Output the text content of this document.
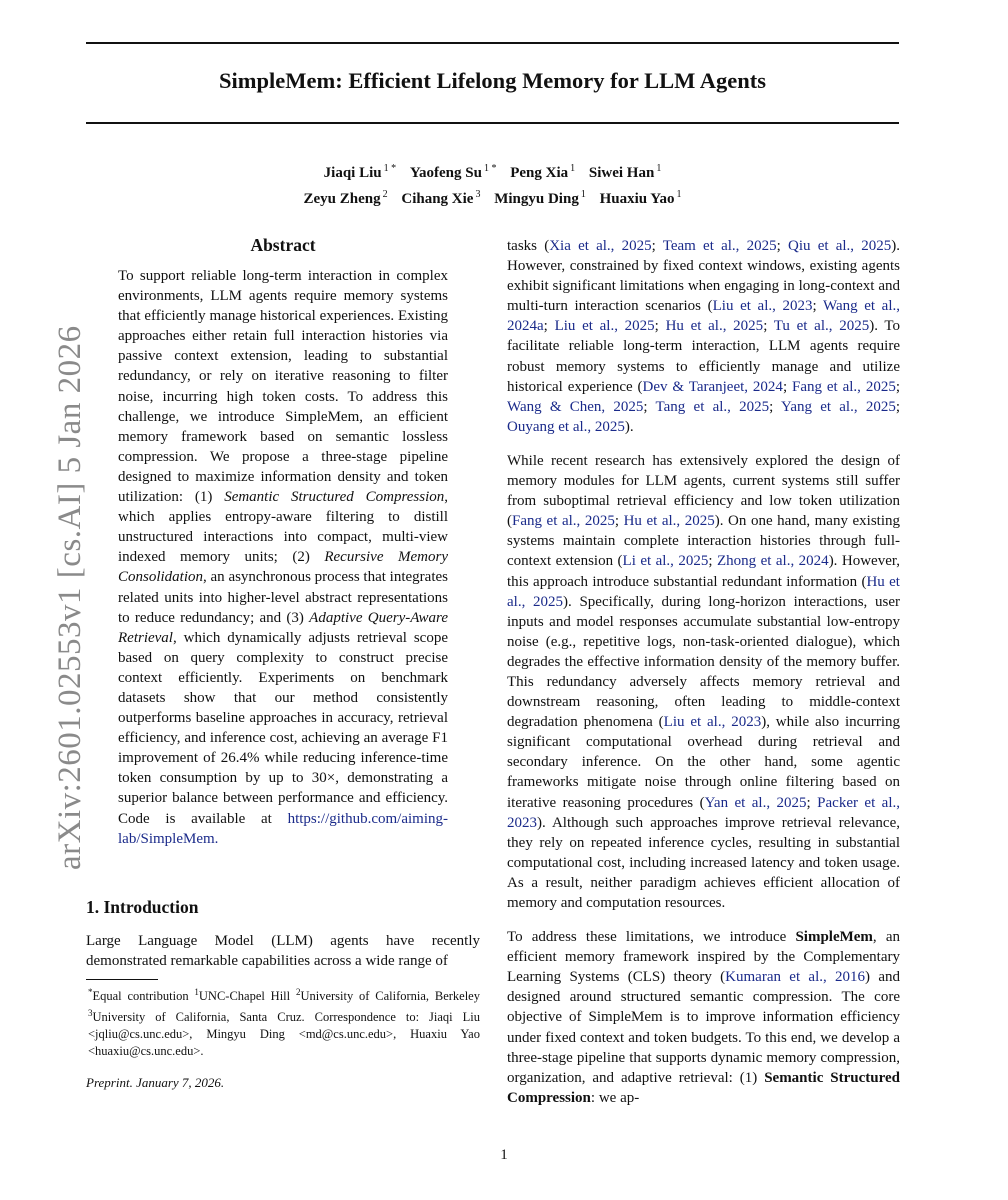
SimpleMem: Efficient Lifelong Memory for LLM Agents
Jiaqi Liu $^{1 *}$ Yaofeng Su $^{1 *}$ Peng Xia $^1$ Siwei Han $^1$
Zeyu Zheng $^2$ Cihang Xie $^3$ Mingyu Ding $^1$ Huaxiu Yao $^1$
arXiv:2601.02553v1 [cs.AI] 5 Jan 2026
Abstract
To support reliable long-term interaction in complex environments, LLM agents require memory systems that efficiently manage historical experiences. Existing approaches either retain full interaction histories via passive context extension, leading to substantial redundancy, or rely on iterative reasoning to filter noise, incurring high token costs. To address this challenge, we introduce SimpleMem, an efficient memory framework based on semantic lossless compression. We propose a three-stage pipeline designed to maximize information density and token utilization: (1) Semantic Structured Compression, which applies entropy-aware filtering to distill unstructured interactions into compact, multi-view indexed memory units; (2) Recursive Memory Consolidation, an asynchronous process that integrates related units into higher-level abstract representations to reduce redundancy; and (3) Adaptive Query-Aware Retrieval, which dynamically adjusts retrieval scope based on query complexity to construct precise context efficiently. Experiments on benchmark datasets show that our method consistently outperforms baseline approaches in accuracy, retrieval efficiency, and inference cost, achieving an average F1 improvement of 26.4% while reducing inference-time token consumption by up to 30×, demonstrating a superior balance between performance and efficiency. Code is available at https://github.com/aiming-lab/SimpleMem.
1. Introduction
Large Language Model (LLM) agents have recently demonstrated remarkable capabilities across a wide range of
*Equal contribution $^1$UNC-Chapel Hill $^2$University of California, Berkeley $^3$University of California, Santa Cruz. Correspondence to: Jiaqi Liu <jqliu@cs.unc.edu>, Mingyu Ding <md@cs.unc.edu>, Huaxiu Yao <huaxiu@cs.unc.edu>.
Preprint. January 7, 2026.

tasks (Xia et al., 2025; Team et al., 2025; Qiu et al., 2025). However, constrained by fixed context windows, existing agents exhibit significant limitations when engaging in long-context and multi-turn interaction scenarios (Liu et al., 2023; Wang et al., 2024a; Liu et al., 2025; Hu et al., 2025; Tu et al., 2025). To facilitate reliable long-term interaction, LLM agents require robust memory systems to efficiently manage and utilize historical experience (Dev & Taranjeet, 2024; Fang et al., 2025; Wang & Chen, 2025; Tang et al., 2025; Yang et al., 2025; Ouyang et al., 2025).

While recent research has extensively explored the design of memory modules for LLM agents, current systems still suffer from suboptimal retrieval efficiency and low token utilization (Fang et al., 2025; Hu et al., 2025). On one hand, many existing systems maintain complete interaction histories through full-context extension (Li et al., 2025; Zhong et al., 2024). However, this approach introduce substantial redundant information (Hu et al., 2025). Specifically, during long-horizon interactions, user inputs and model responses accumulate substantial low-entropy noise (e.g., repetitive logs, non-task-oriented dialogue), which degrades the effective information density of the memory buffer. This redundancy adversely affects memory retrieval and downstream reasoning, often leading to middle-context degradation phenomena (Liu et al., 2023), while also incurring significant computational overhead during retrieval and secondary inference. On the other hand, some agentic frameworks mitigate noise through online filtering based on iterative reasoning procedures (Yan et al., 2025; Packer et al., 2023). Although such approaches improve retrieval relevance, they rely on repeated inference cycles, resulting in substantial computational cost, including increased latency and token usage. As a result, neither paradigm achieves efficient allocation of memory and computation resources.

To address these limitations, we introduce SimpleMem, an efficient memory framework inspired by the Complementary Learning Systems (CLS) theory (Kumaran et al., 2016) and designed around structured semantic compression. The core objective of SimpleMem is to improve information efficiency under fixed context and token budgets. To this end, we develop a three-stage pipeline that supports dynamic memory compression, organization, and adaptive retrieval: (1) Semantic Structured Compression: we ap-

1
